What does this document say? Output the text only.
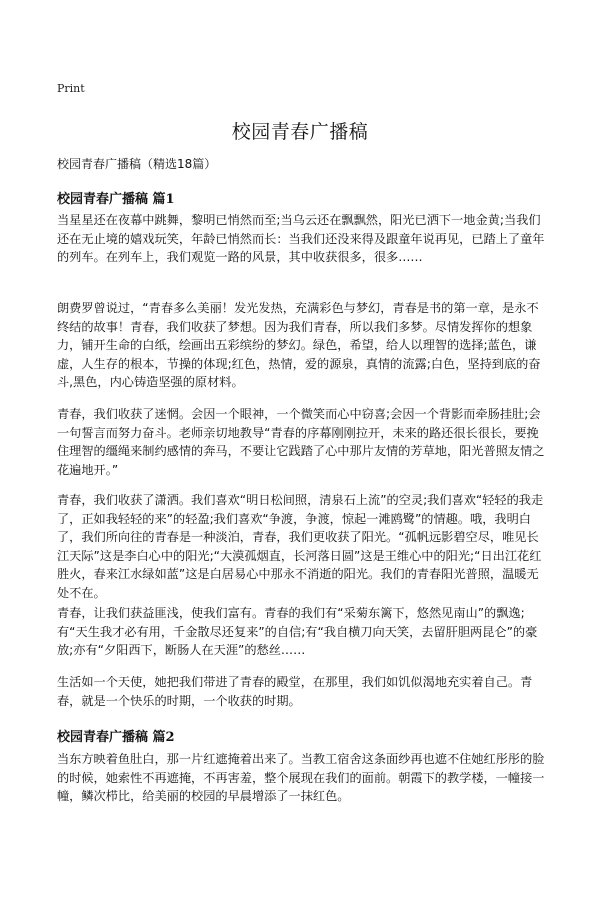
Print
校园青春广播稿
校园青春广播稿（精选18篇）
校园青春广播稿 篇1

当星星还在夜幕中跳舞，黎明已悄然而至;当乌云还在飘飘然，阳光已洒下一地金黄;当我们还在无止境的嬉戏玩笑，年龄已悄然而长：当我们还没来得及跟童年说再见，已踏上了童年的列车。在列车上，我们观览一路的风景，其中收获很多，很多……

朗费罗曾说过，“青春多么美丽！发光发热，充满彩色与梦幻，青春是书的第一章，是永不终结的故事！青春，我们收获了梦想。因为我们青春，所以我们多梦。尽情发挥你的想象力，铺开生命的白纸，绘画出五彩缤纷的梦幻。绿色，希望，给人以理智的选择;蓝色，谦虚，人生存的根本，节操的体现;红色，热情，爱的源泉，真情的流露;白色，坚持到底的奋斗,黑色，内心铸造坚强的原材料。

青春，我们收获了迷惘。会因一个眼神，一个微笑而心中窃喜;会因一个背影而牵肠挂肚;会一句誓言而努力奋斗。老师亲切地教导“青春的序幕刚刚拉开，未来的路还很长很长，要挽住理智的缰绳来制约感情的奔马，不要让它践踏了心中那片友情的芳草地，阳光普照友情之花遍地开。”

青春，我们收获了潇洒。我们喜欢“明日松间照，清泉石上流”的空灵;我们喜欢“轻轻的我走了，正如我轻轻的来”的轻盈;我们喜欢“争渡，争渡，惊起一滩鸥鹭”的情趣。哦，我明白了，我们所向往的青春是一种淡泊，青春，我们更收获了阳光。“孤帆远影碧空尽，唯见长江天际”这是李白心中的阳光;“大漠孤烟直，长河落日圆”这是王维心中的阳光;“日出江花红胜火，春来江水绿如蓝”这是白居易心中那永不消逝的阳光。我们的青春阳光普照，温暖无处不在。

青春，让我们获益匪浅，使我们富有。青春的我们有“采菊东篱下，悠然见南山”的飘逸;有“天生我才必有用，千金散尽还复来”的自信;有“我自横刀向天笑，去留肝胆两昆仑”的豪放;亦有“夕阳西下，断肠人在天涯”的愁丝……

生活如一个天使，她把我们带进了青春的殿堂，在那里，我们如饥似渴地充实着自己。青春，就是一个快乐的时期，一个收获的时期。

校园青春广播稿 篇2

当东方映着鱼肚白，那一片红遮掩着出来了。当教工宿舍这条面纱再也遮不住她红彤彤的脸的时候，她索性不再遮掩，不再害羞，整个展现在我们的面前。朝霞下的教学楼，一幢接一幢，鳞次栉比，给美丽的校园的早晨增添了一抹红色。
